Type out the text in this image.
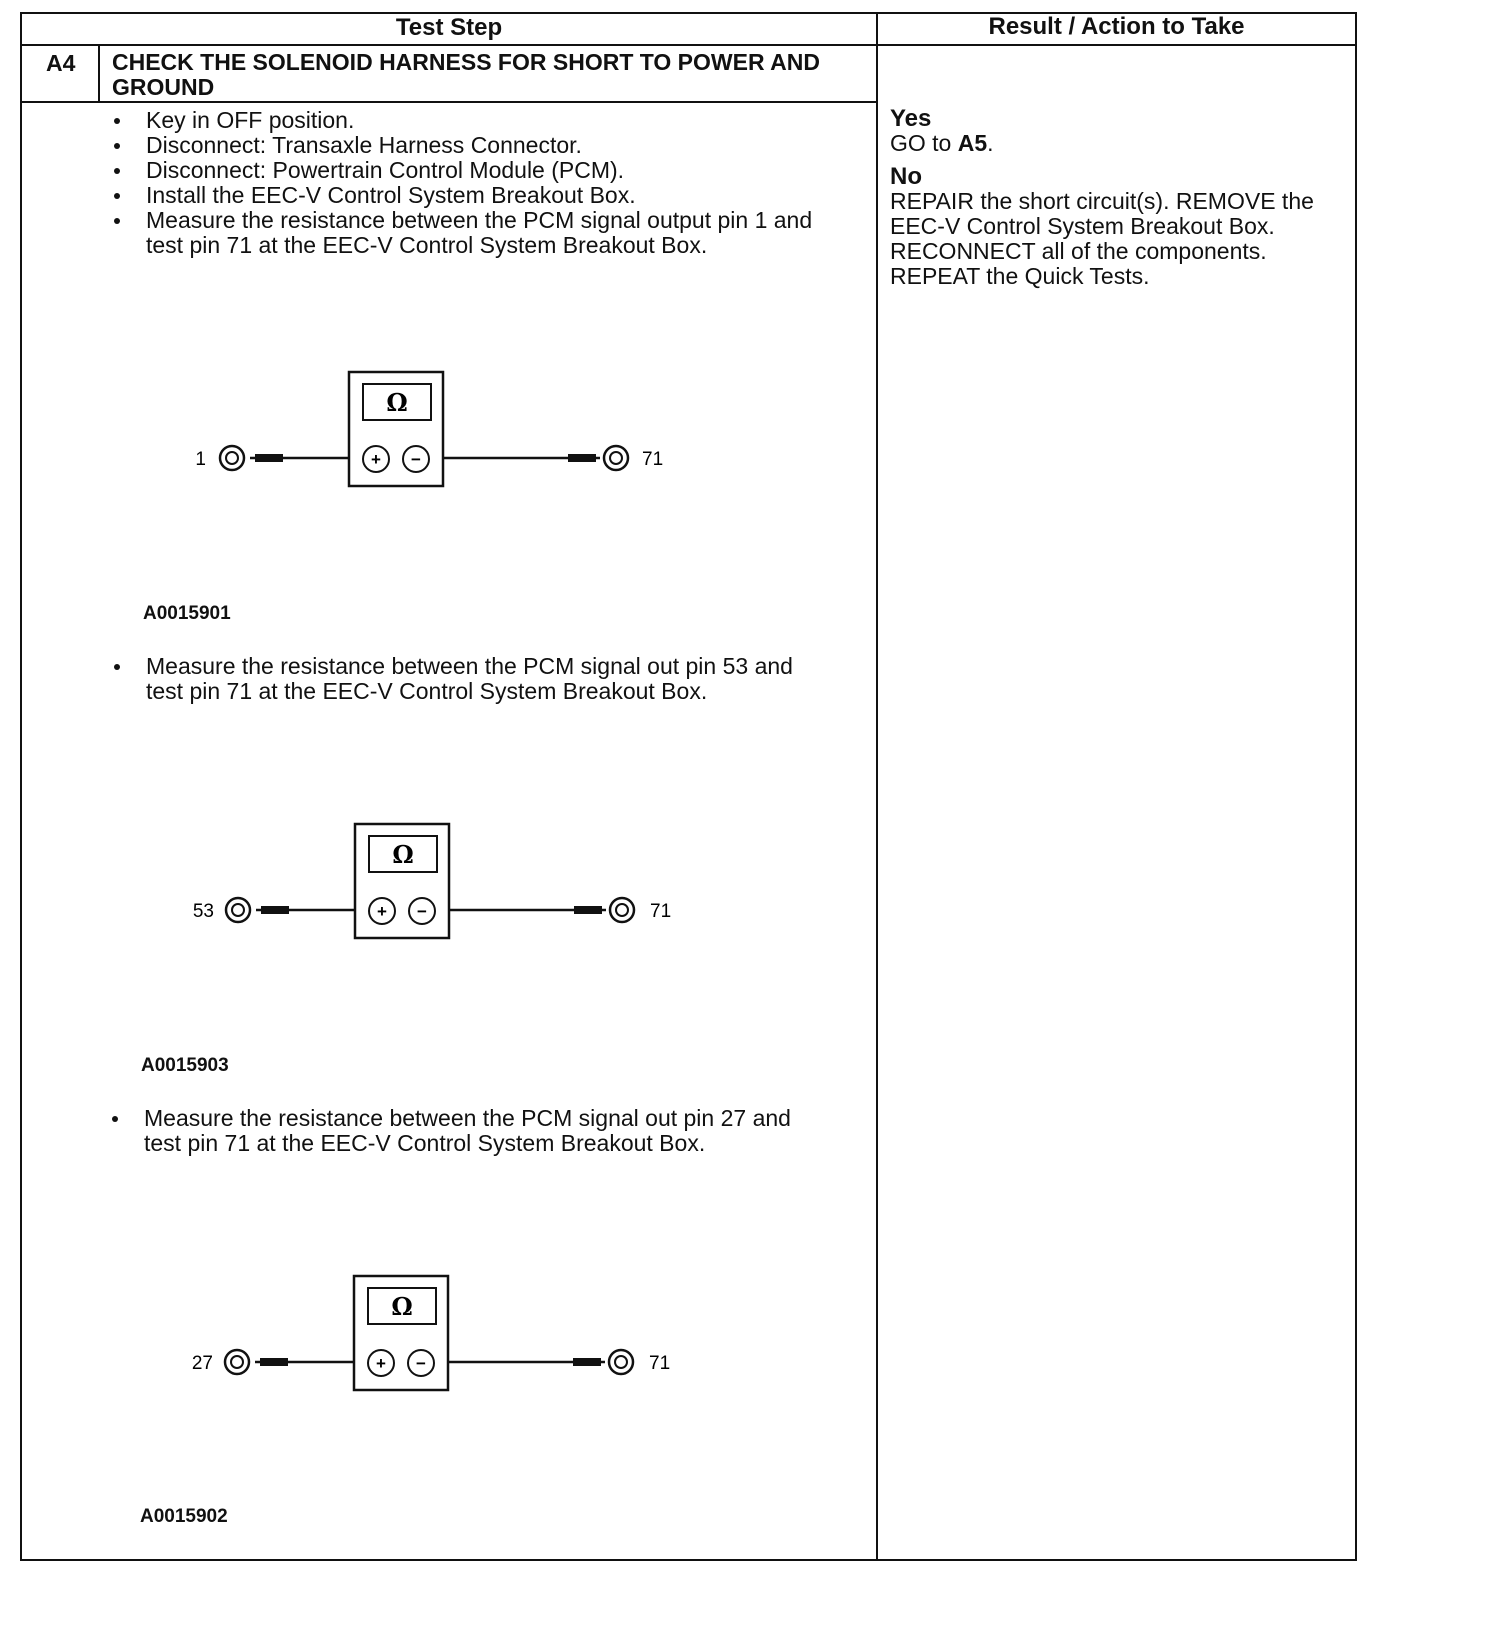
Test Step	Result / Action to Take
A4 CHECK THE SOLENOID HARNESS FOR SHORT TO POWER AND GROUND
Key in OFF position.
Disconnect: Transaxle Harness Connector.
Disconnect: Powertrain Control Module (PCM).
Install the EEC-V Control System Breakout Box.
Measure the resistance between the PCM signal output pin 1 and test pin 71 at the EEC-V Control System Breakout Box.
Ω
+ −
1	71
A0015901
Measure the resistance between the PCM signal out pin 53 and test pin 71 at the EEC-V Control System Breakout Box.
Ω
+ −
53	71
A0015903
Measure the resistance between the PCM signal out pin 27 and test pin 71 at the EEC-V Control System Breakout Box.
Ω
+ −
27	71
A0015902

Yes

GO to A5.

No

REPAIR the short circuit(s). REMOVE the EEC-V Control System Breakout Box. RECONNECT all of the components. REPEAT the Quick Tests.
